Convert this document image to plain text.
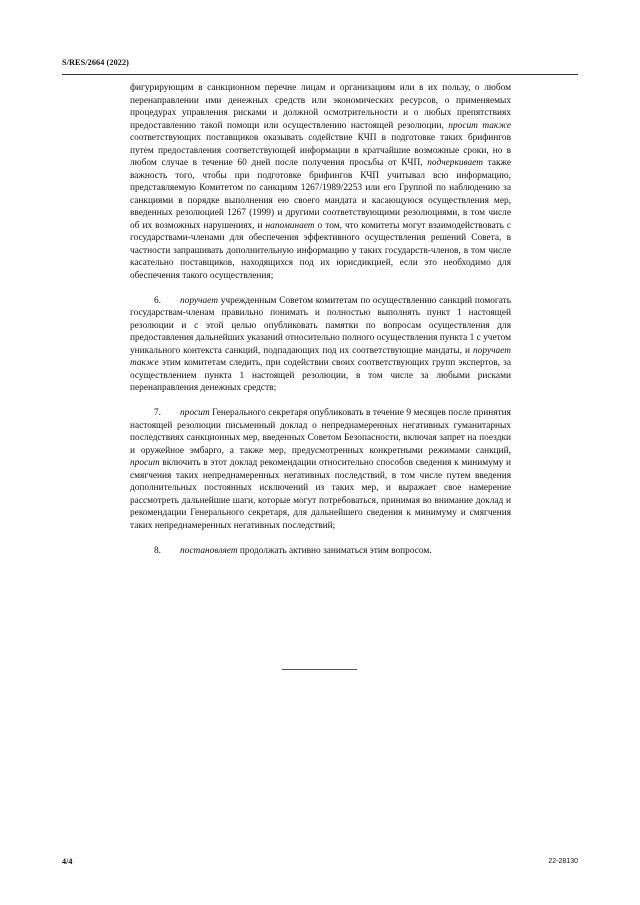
S/RES/2664 (2022)

фигурирующим в санкционном перечне лицам и организациям или в их пользу, о любом перенаправлении ими денежных средств или экономических ресурсов, о применяемых процедурах управления рисками и должной осмотрительности и о любых препятствиях предоставлению такой помощи или осуществлению настоящей резолюции, просит также соответствующих поставщиков оказывать содействие КЧП в подготовке таких брифингов путем предоставления соответствующей информации в кратчайшие возможные сроки, но в любом случае в течение 60 дней после получения просьбы от КЧП, подчеркивает также важность того, чтобы при подготовке брифингов КЧП учитывал всю информацию, представляемую Комитетом по санкциям 1267/1989/2253 или его Группой по наблюдению за санкциями в порядке выполнения ею своего мандата и касающуюся осуществления мер, введенных резолюцией 1267 (1999) и другими соответствующими резолюциями, в том числе об их возможных нарушениях, и напоминает о том, что комитеты могут взаимодействовать с государствами-членами для обеспечения эффективного осуществления решений Совета, в частности запрашивать дополнительную информацию у таких государств-членов, в том числе касательно поставщиков, находящихся под их юрисдикцией, если это необходимо для обеспечения такого осуществления;

6. поручает учрежденным Советом комитетам по осуществлению санкций помогать государствам-членам правильно понимать и полностью выполнять пункт 1 настоящей резолюции и с этой целью опубликовать памятки по вопросам осуществления для предоставления дальнейших указаний относительно полного осуществления пункта 1 с учетом уникального контекста санкций, подпадающих под их соответствующие мандаты, и поручает также этим комитетам следить, при содействии своих соответствующих групп экспертов, за осуществлением пункта 1 настоящей резолюции, в том числе за любыми рисками перенаправления денежных средств;

7. просит Генерального секретаря опубликовать в течение 9 месяцев после принятия настоящей резолюции письменный доклад о непреднамеренных негативных гуманитарных последствиях санкционных мер, введенных Советом Безопасности, включая запрет на поездки и оружейное эмбарго, а также мер, предусмотренных конкретными режимами санкций, просит включить в этот доклад рекомендации относительно способов сведения к минимуму и смягчения таких непреднамеренных негативных последствий, в том числе путем введения дополнительных постоянных исключений из таких мер, и выражает свое намерение рассмотреть дальнейшие шаги, которые могут потребоваться, принимая во внимание доклад и рекомендации Генерального секретаря, для дальнейшего сведения к минимуму и смягчения таких непреднамеренных негативных последствий;

8. постановляет продолжать активно заниматься этим вопросом.

4/4	22-28130
